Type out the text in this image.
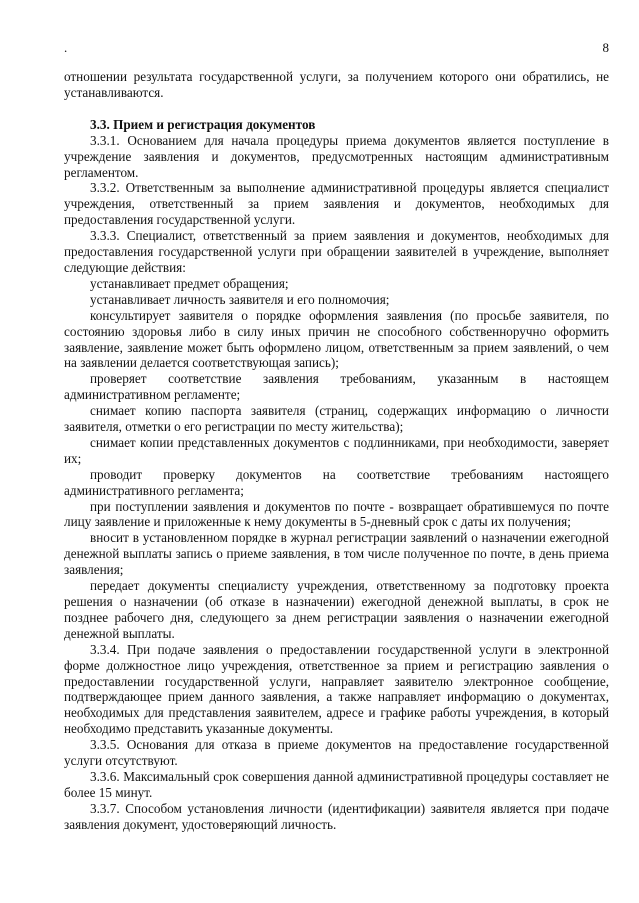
.	8

отношении результата государственной услуги, за получением которого они обратились, не устанавливаются.

3.3. Прием и регистрация документов

3.3.1. Основанием для начала процедуры приема документов является поступление в учреждение заявления и документов, предусмотренных настоящим административным регламентом.

3.3.2. Ответственным за выполнение административной процедуры является специалист учреждения, ответственный за прием заявления и документов, необходимых для предоставления государственной услуги.

3.3.3. Специалист, ответственный за прием заявления и документов, необходимых для предоставления государственной услуги при обращении заявителей в учреждение, выполняет следующие действия:

устанавливает предмет обращения;

устанавливает личность заявителя и его полномочия;

консультирует заявителя о порядке оформления заявления (по просьбе заявителя, по состоянию здоровья либо в силу иных причин не способного собственноручно оформить заявление, заявление может быть оформлено лицом, ответственным за прием заявлений, о чем на заявлении делается соответствующая запись);

проверяет соответствие заявления требованиям, указанным в настоящем административном регламенте;

снимает копию паспорта заявителя (страниц, содержащих информацию о личности заявителя, отметки о его регистрации по месту жительства);

снимает копии представленных документов с подлинниками, при необходимости, заверяет их;

проводит проверку документов на соответствие требованиям настоящего административного регламента;

при поступлении заявления и документов по почте - возвращает обратившемуся по почте лицу заявление и приложенные к нему документы в 5-дневный срок с даты их получения;

вносит в установленном порядке в журнал регистрации заявлений о назначении ежегодной денежной выплаты запись о приеме заявления, в том числе полученное по почте, в день приема заявления;

передает документы специалисту учреждения, ответственному за подготовку проекта решения о назначении (об отказе в назначении) ежегодной денежной выплаты, в срок не позднее рабочего дня, следующего за днем регистрации заявления о назначении ежегодной денежной выплаты.

3.3.4. При подаче заявления о предоставлении государственной услуги в электронной форме должностное лицо учреждения, ответственное за прием и регистрацию заявления о предоставлении государственной услуги, направляет заявителю электронное сообщение, подтверждающее прием данного заявления, а также направляет информацию о документах, необходимых для представления заявителем, адресе и графике работы учреждения, в который необходимо представить указанные документы.

3.3.5. Основания для отказа в приеме документов на предоставление государственной услуги отсутствуют.

3.3.6. Максимальный срок совершения данной административной процедуры составляет не более 15 минут.

3.3.7. Способом установления личности (идентификации) заявителя является при подаче заявления документ, удостоверяющий личность.
